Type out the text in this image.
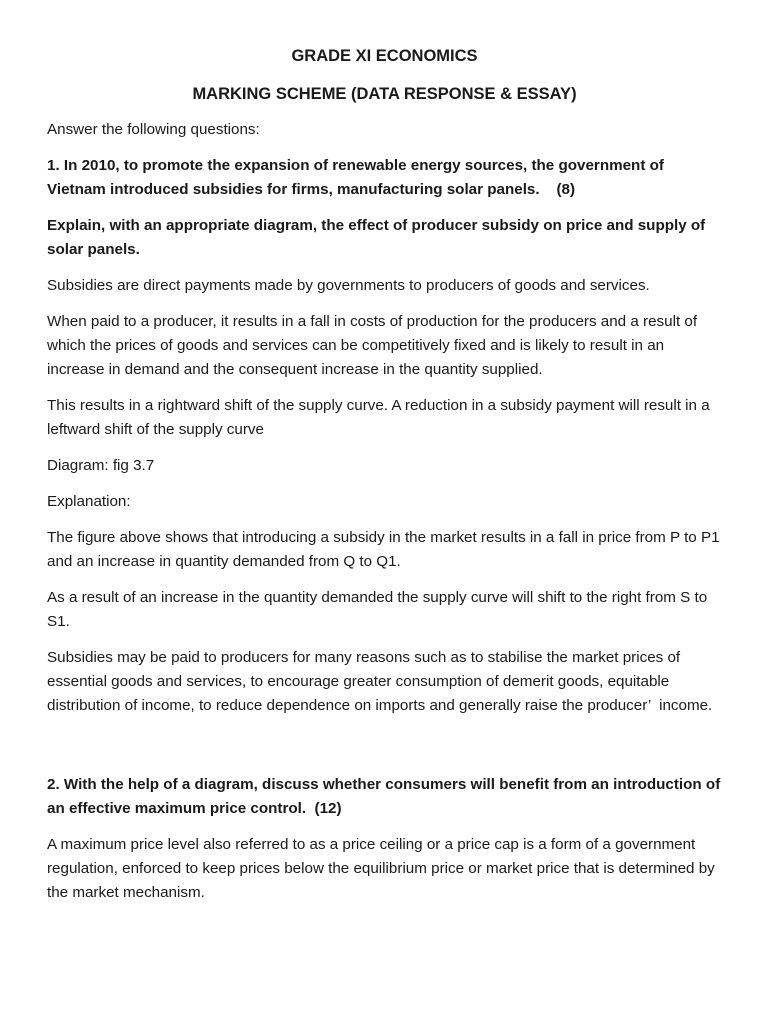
GRADE XI ECONOMICS
MARKING SCHEME (DATA RESPONSE & ESSAY)

Answer the following questions:

1. In 2010, to promote the expansion of renewable energy sources, the government of Vietnam introduced subsidies for firms, manufacturing solar panels.    (8)

Explain, with an appropriate diagram, the effect of producer subsidy on price and supply of solar panels.

Subsidies are direct payments made by governments to producers of goods and services.

When paid to a producer, it results in a fall in costs of production for the producers and a result of which the prices of goods and services can be competitively fixed and is likely to result in an increase in demand and the consequent increase in the quantity supplied.

This results in a rightward shift of the supply curve. A reduction in a subsidy payment will result in a leftward shift of the supply curve

Diagram: fig 3.7

Explanation:

The figure above shows that introducing a subsidy in the market results in a fall in price from P to P1 and an increase in quantity demanded from Q to Q1.

As a result of an increase in the quantity demanded the supply curve will shift to the right from S to S1.

Subsidies may be paid to producers for many reasons such as to stabilise the market prices of essential goods and services, to encourage greater consumption of demerit goods, equitable distribution of income, to reduce dependence on imports and generally raise the producer’  income.

2. With the help of a diagram, discuss whether consumers will benefit from an introduction of an effective maximum price control.  (12)

A maximum price level also referred to as a price ceiling or a price cap is a form of a government regulation, enforced to keep prices below the equilibrium price or market price that is determined by the market mechanism.
